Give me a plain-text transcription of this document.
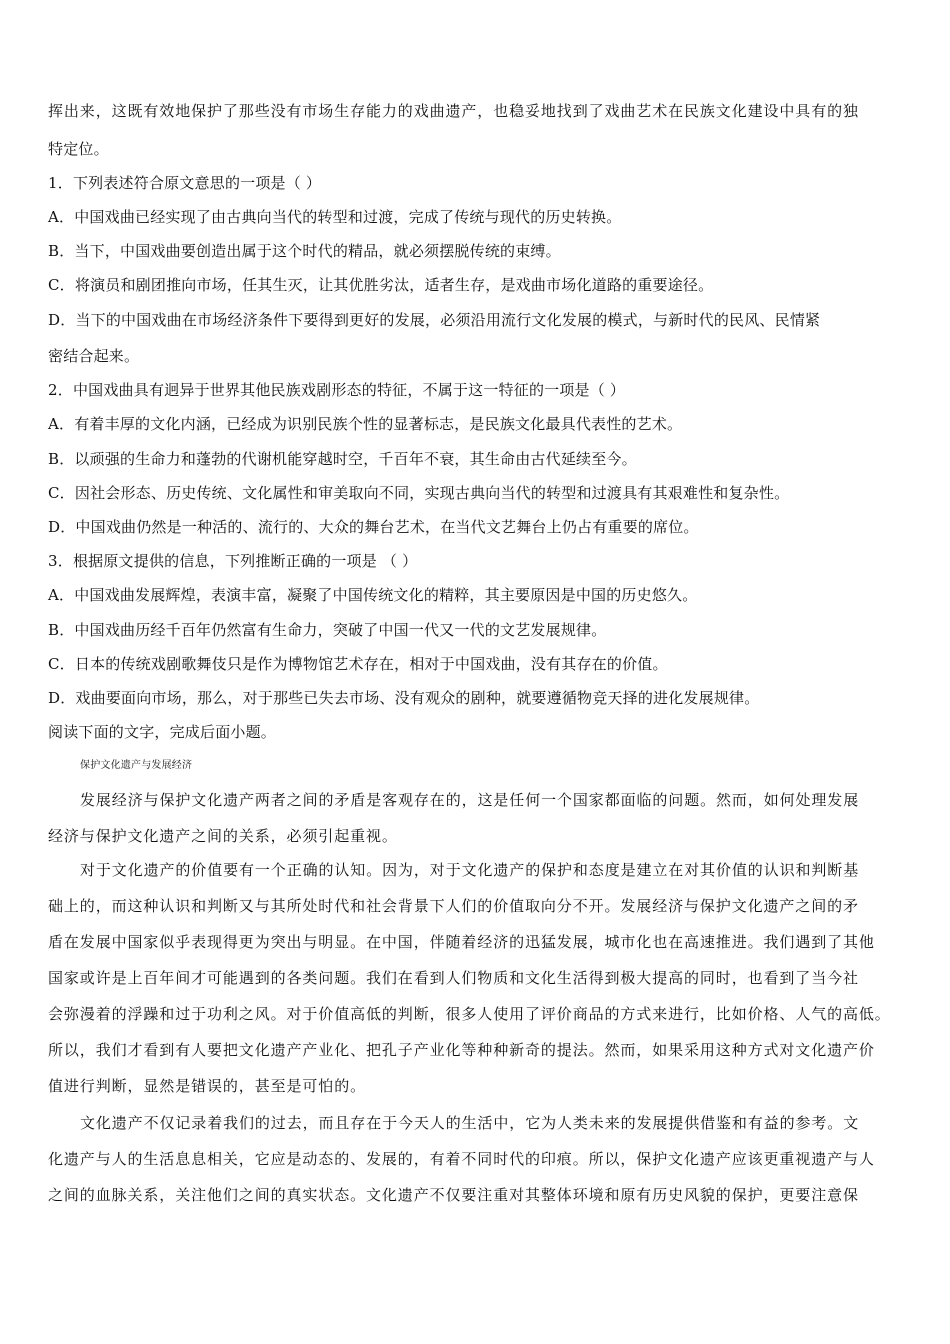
挥出来，这既有效地保护了那些没有市场生存能力的戏曲遗产，也稳妥地找到了戏曲艺术在民族文化建设中具有的独
特定位。
1．下列表述符合原文意思的一项是（ ）
A．中国戏曲已经实现了由古典向当代的转型和过渡，完成了传统与现代的历史转换。
B．当下，中国戏曲要创造出属于这个时代的精品，就必须摆脱传统的束缚。
C．将演员和剧团推向市场，任其生灭，让其优胜劣汰，适者生存，是戏曲市场化道路的重要途径。
D．当下的中国戏曲在市场经济条件下要得到更好的发展，必须沿用流行文化发展的模式，与新时代的民风、民情紧
密结合起来。
2．中国戏曲具有迥异于世界其他民族戏剧形态的特征，不属于这一特征的一项是（ ）
A．有着丰厚的文化内涵，已经成为识别民族个性的显著标志，是民族文化最具代表性的艺术。
B．以顽强的生命力和蓬勃的代谢机能穿越时空，千百年不衰，其生命由古代延续至今。
C．因社会形态、历史传统、文化属性和审美取向不同，实现古典向当代的转型和过渡具有其艰难性和复杂性。
D．中国戏曲仍然是一种活的、流行的、大众的舞台艺术，在当代文艺舞台上仍占有重要的席位。
3．根据原文提供的信息，下列推断正确的一项是 （ ）
A．中国戏曲发展辉煌，表演丰富，凝聚了中国传统文化的精粹，其主要原因是中国的历史悠久。
B．中国戏曲历经千百年仍然富有生命力，突破了中国一代又一代的文艺发展规律。
C．日本的传统戏剧歌舞伎只是作为博物馆艺术存在，相对于中国戏曲，没有其存在的价值。
D．戏曲要面向市场，那么，对于那些已失去市场、没有观众的剧种，就要遵循物竞天择的进化发展规律。
阅读下面的文字，完成后面小题。
保护文化遗产与发展经济
发展经济与保护文化遗产两者之间的矛盾是客观存在的，这是任何一个国家都面临的问题。然而，如何处理发展
经济与保护文化遗产之间的关系，必须引起重视。
对于文化遗产的价值要有一个正确的认知。因为，对于文化遗产的保护和态度是建立在对其价值的认识和判断基
础上的，而这种认识和判断又与其所处时代和社会背景下人们的价值取向分不开。发展经济与保护文化遗产之间的矛
盾在发展中国家似乎表现得更为突出与明显。在中国，伴随着经济的迅猛发展，城市化也在高速推进。我们遇到了其他
国家或许是上百年间才可能遇到的各类问题。我们在看到人们物质和文化生活得到极大提高的同时，也看到了当今社
会弥漫着的浮躁和过于功利之风。对于价值高低的判断，很多人使用了评价商品的方式来进行，比如价格、人气的高低。
所以，我们才看到有人要把文化遗产产业化、把孔子产业化等种种新奇的提法。然而，如果采用这种方式对文化遗产价
值进行判断，显然是错误的，甚至是可怕的。
文化遗产不仅记录着我们的过去，而且存在于今天人的生活中，它为人类未来的发展提供借鉴和有益的参考。文
化遗产与人的生活息息相关，它应是动态的、发展的，有着不同时代的印痕。所以，保护文化遗产应该更重视遗产与人
之间的血脉关系，关注他们之间的真实状态。文化遗产不仅要注重对其整体环境和原有历史风貌的保护，更要注意保
